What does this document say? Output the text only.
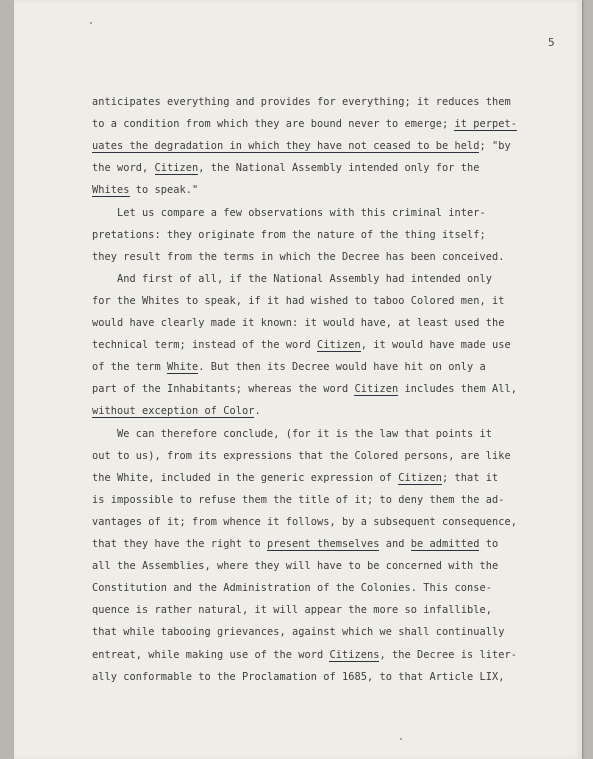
5
anticipates everything and provides for everything; it reduces them
to a condition from which they are bound never to emerge; it perpet-
uates the degradation in which they have not ceased to be held; "by
the word, Citizen, the National Assembly intended only for the
Whites to speak."
Let us compare a few observations with this criminal inter-
pretations: they originate from the nature of the thing itself;
they result from the terms in which the Decree has been conceived.
And first of all, if the National Assembly had intended only
for the Whites to speak, if it had wished to taboo Colored men, it
would have clearly made it known: it would have, at least used the
technical term; instead of the word Citizen, it would have made use
of the term White. But then its Decree would have hit on only a
part of the Inhabitants; whereas the word Citizen includes them All,
without exception of Color.
We can therefore conclude, (for it is the law that points it
out to us), from its expressions that the Colored persons, are like
the White, included in the generic expression of Citizen; that it
is impossible to refuse them the title of it; to deny them the ad-
vantages of it; from whence it follows, by a subsequent consequence,
that they have the right to present themselves and be admitted to
all the Assemblies, where they will have to be concerned with the
Constitution and the Administration of the Colonies. This conse-
quence is rather natural, it will appear the more so infallible,
that while tabooing grievances, against which we shall continually
entreat, while making use of the word Citizens, the Decree is liter-
ally conformable to the Proclamation of 1685, to that Article LIX,
